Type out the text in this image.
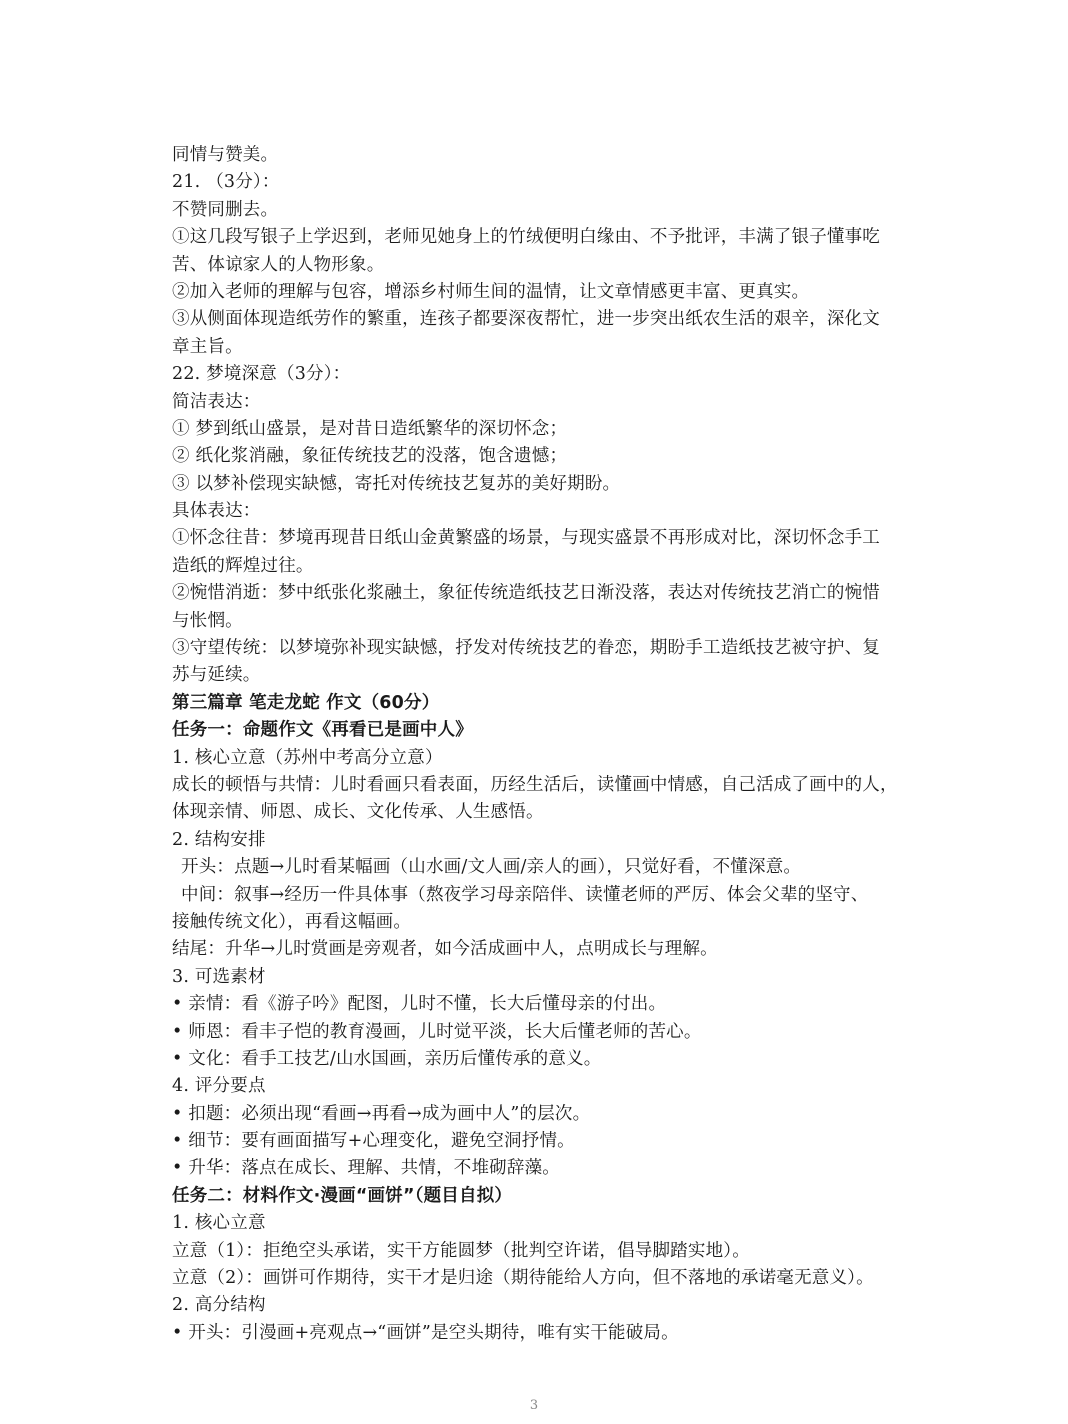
同情与赞美。
21. （3分）：
不赞同删去。
①这几段写银子上学迟到，老师见她身上的竹绒便明白缘由、不予批评，丰满了银子懂事吃
苦、体谅家人的人物形象。
②加入老师的理解与包容，增添乡村师生间的温情，让文章情感更丰富、更真实。
③从侧面体现造纸劳作的繁重，连孩子都要深夜帮忙，进一步突出纸农生活的艰辛，深化文
章主旨。
22. 梦境深意（3分）：
简洁表达：
① 梦到纸山盛景，是对昔日造纸繁华的深切怀念；
② 纸化浆消融，象征传统技艺的没落，饱含遗憾；
③ 以梦补偿现实缺憾，寄托对传统技艺复苏的美好期盼。
具体表达：
①怀念往昔：梦境再现昔日纸山金黄繁盛的场景，与现实盛景不再形成对比，深切怀念手工
造纸的辉煌过往。
②惋惜消逝：梦中纸张化浆融土，象征传统造纸技艺日渐没落，表达对传统技艺消亡的惋惜
与怅惘。
③守望传统：以梦境弥补现实缺憾，抒发对传统技艺的眷恋，期盼手工造纸技艺被守护、复
苏与延续。
第三篇章 笔走龙蛇 作文（60分）
任务一：命题作文《再看已是画中人》
1. 核心立意（苏州中考高分立意）
成长的顿悟与共情：儿时看画只看表面，历经生活后，读懂画中情感，自己活成了画中的人，
体现亲情、师恩、成长、文化传承、人生感悟。
2. 结构安排
开头：点题→儿时看某幅画（山水画/文人画/亲人的画），只觉好看，不懂深意。
中间：叙事→经历一件具体事（熬夜学习母亲陪伴、读懂老师的严厉、体会父辈的坚守、
接触传统文化），再看这幅画。
结尾：升华→儿时赏画是旁观者，如今活成画中人，点明成长与理解。
3. 可选素材
• 亲情：看《游子吟》配图，儿时不懂，长大后懂母亲的付出。
• 师恩：看丰子恺的教育漫画，儿时觉平淡，长大后懂老师的苦心。
• 文化：看手工技艺/山水国画，亲历后懂传承的意义。
4. 评分要点
• 扣题：必须出现“看画→再看→成为画中人”的层次。
• 细节：要有画面描写+心理变化，避免空洞抒情。
• 升华：落点在成长、理解、共情，不堆砌辞藻。
任务二：材料作文·漫画“画饼”（题目自拟）
1. 核心立意
立意（1）：拒绝空头承诺，实干方能圆梦（批判空许诺，倡导脚踏实地）。
立意（2）：画饼可作期待，实干才是归途（期待能给人方向，但不落地的承诺毫无意义）。
2. 高分结构
• 开头：引漫画+亮观点→“画饼”是空头期待，唯有实干能破局。
3
